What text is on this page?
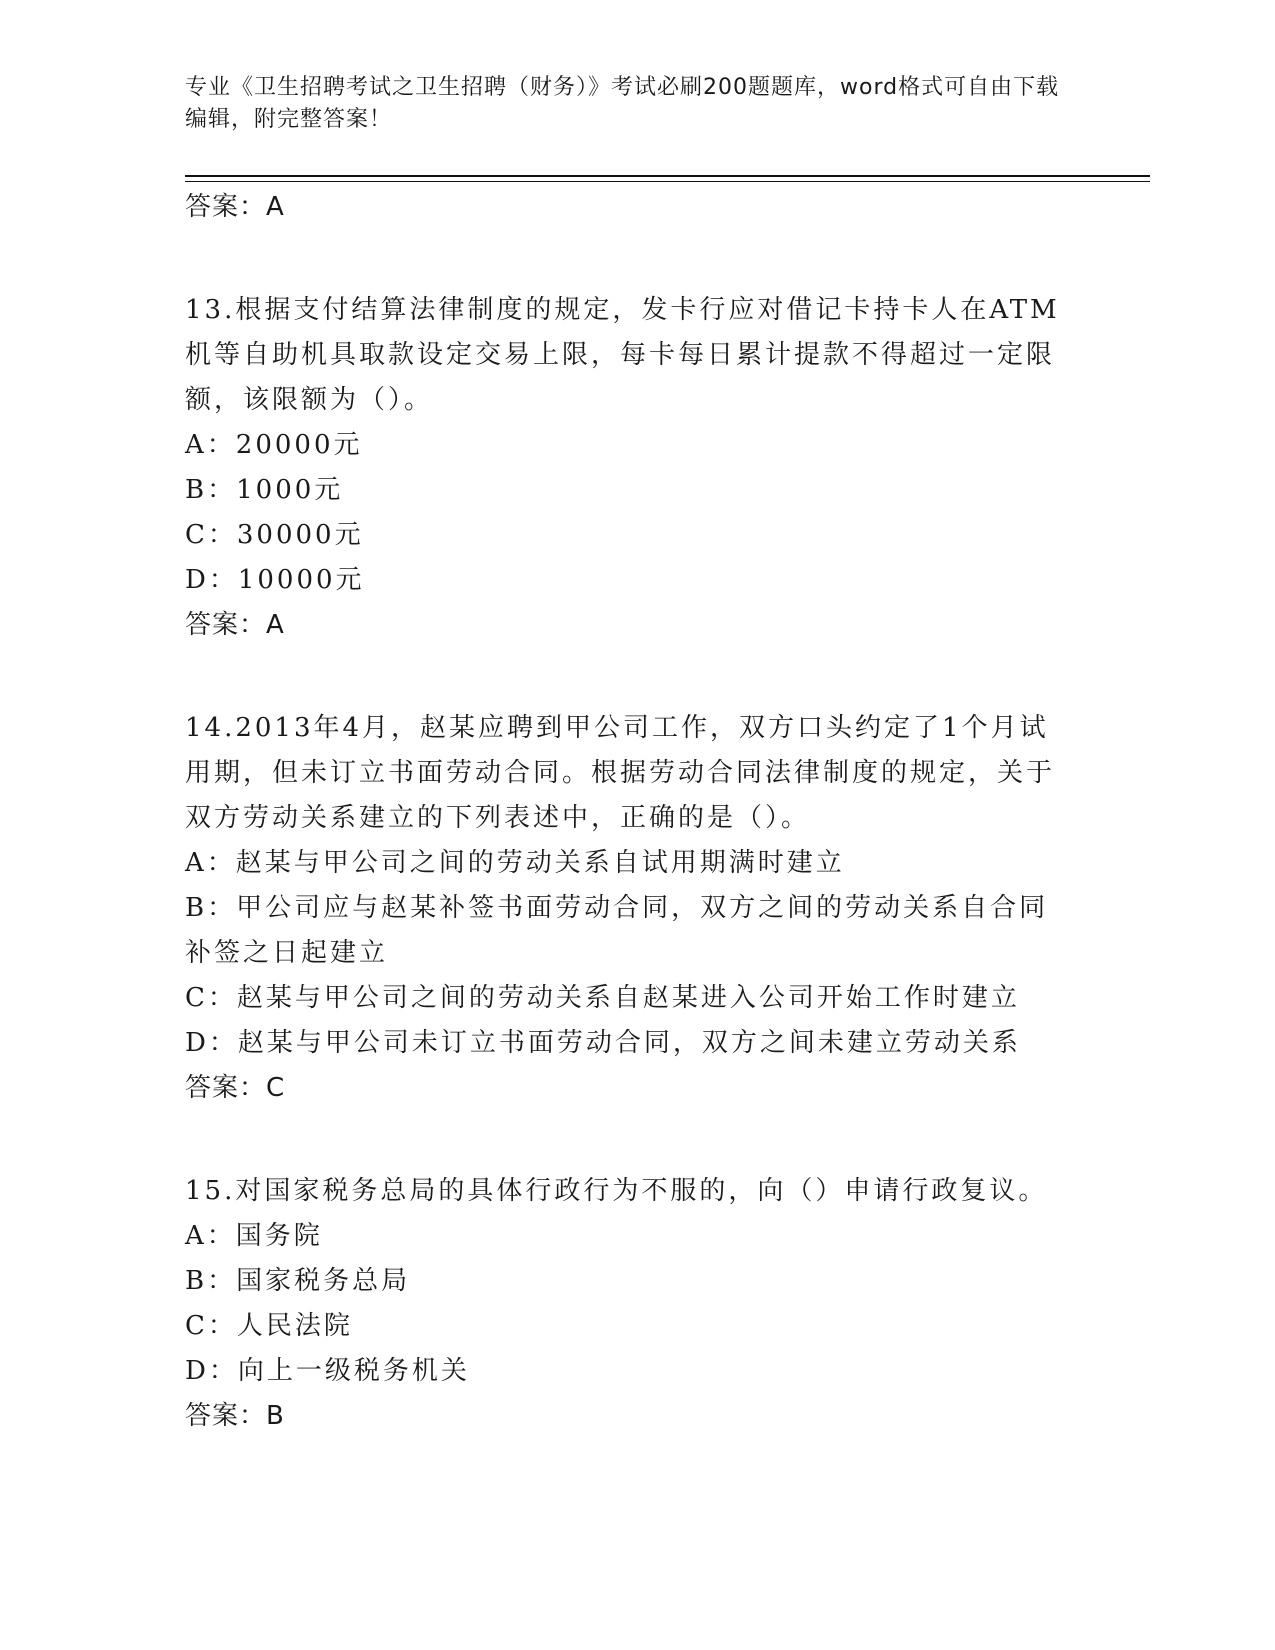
专业《卫生招聘考试之卫生招聘（财务）》考试必刷200题题库，word格式可自由下载编辑，附完整答案！

答案：A

13.根据支付结算法律制度的规定，发卡行应对借记卡持卡人在ATM机等自助机具取款设定交易上限，每卡每日累计提款不得超过一定限额，该限额为（）。

A：20000元

B：1000元

C：30000元

D：10000元

答案：A

14.2013年4月，赵某应聘到甲公司工作，双方口头约定了1个月试用期，但未订立书面劳动合同。根据劳动合同法律制度的规定，关于双方劳动关系建立的下列表述中，正确的是（）。

A：赵某与甲公司之间的劳动关系自试用期满时建立

B：甲公司应与赵某补签书面劳动合同，双方之间的劳动关系自合同补签之日起建立

C：赵某与甲公司之间的劳动关系自赵某进入公司开始工作时建立

D：赵某与甲公司未订立书面劳动合同，双方之间未建立劳动关系

答案：C

15.对国家税务总局的具体行政行为不服的，向（）申请行政复议。

A：国务院

B：国家税务总局

C：人民法院

D：向上一级税务机关

答案：B
